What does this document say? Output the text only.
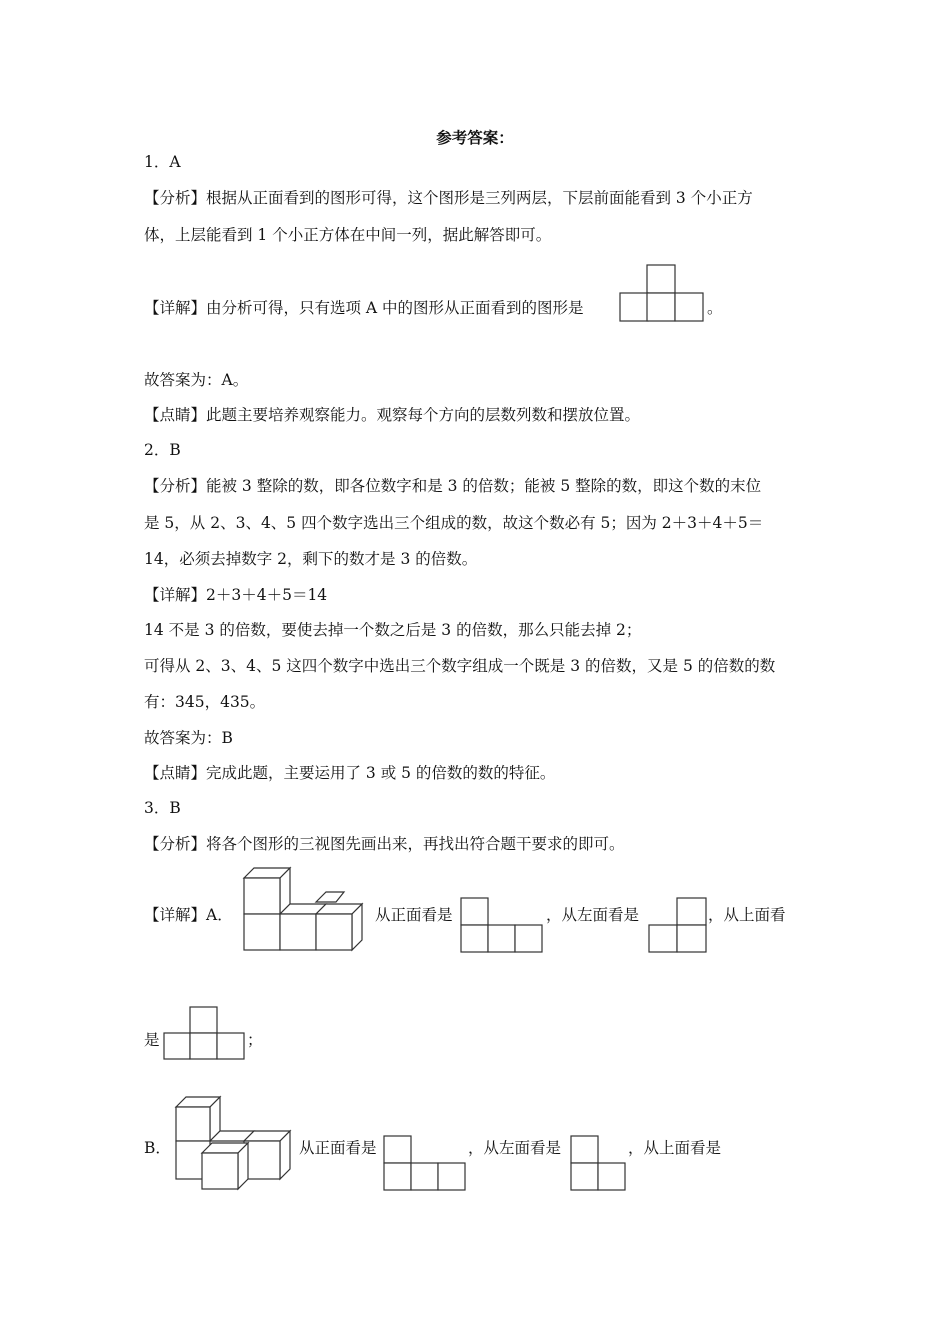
参考答案：
1．A
【分析】根据从正面看到的图形可得，这个图形是三列两层，下层前面能看到 3 个小正方
体，上层能看到 1 个小正方体在中间一列，据此解答即可。
【详解】由分析可得，只有选项 A 中的图形从正面看到的图形是	。
故答案为：A。
【点睛】此题主要培养观察能力。观察每个方向的层数列数和摆放位置。
2．B
【分析】能被 3 整除的数，即各位数字和是 3 的倍数；能被 5 整除的数，即这个数的末位
是 5，从 2、3、4、5 四个数字选出三个组成的数，故这个数必有 5；因为 2＋3＋4＋5＝
14，必须去掉数字 2，剩下的数才是 3 的倍数。
【详解】2＋3＋4＋5＝14
14 不是 3 的倍数，要使去掉一个数之后是 3 的倍数，那么只能去掉 2；
可得从 2、3、4、5 这四个数字中选出三个数字组成一个既是 3 的倍数，又是 5 的倍数的数
有：345，435。
故答案为：B
【点睛】完成此题，主要运用了 3 或 5 的倍数的数的特征。
3．B
【分析】将各个图形的三视图先画出来，再找出符合题干要求的即可。
【详解】A．	从正面看是	，从左面看是	，从上面看
是	；
B．	从正面看是	，从左面看是	，从上面看是
